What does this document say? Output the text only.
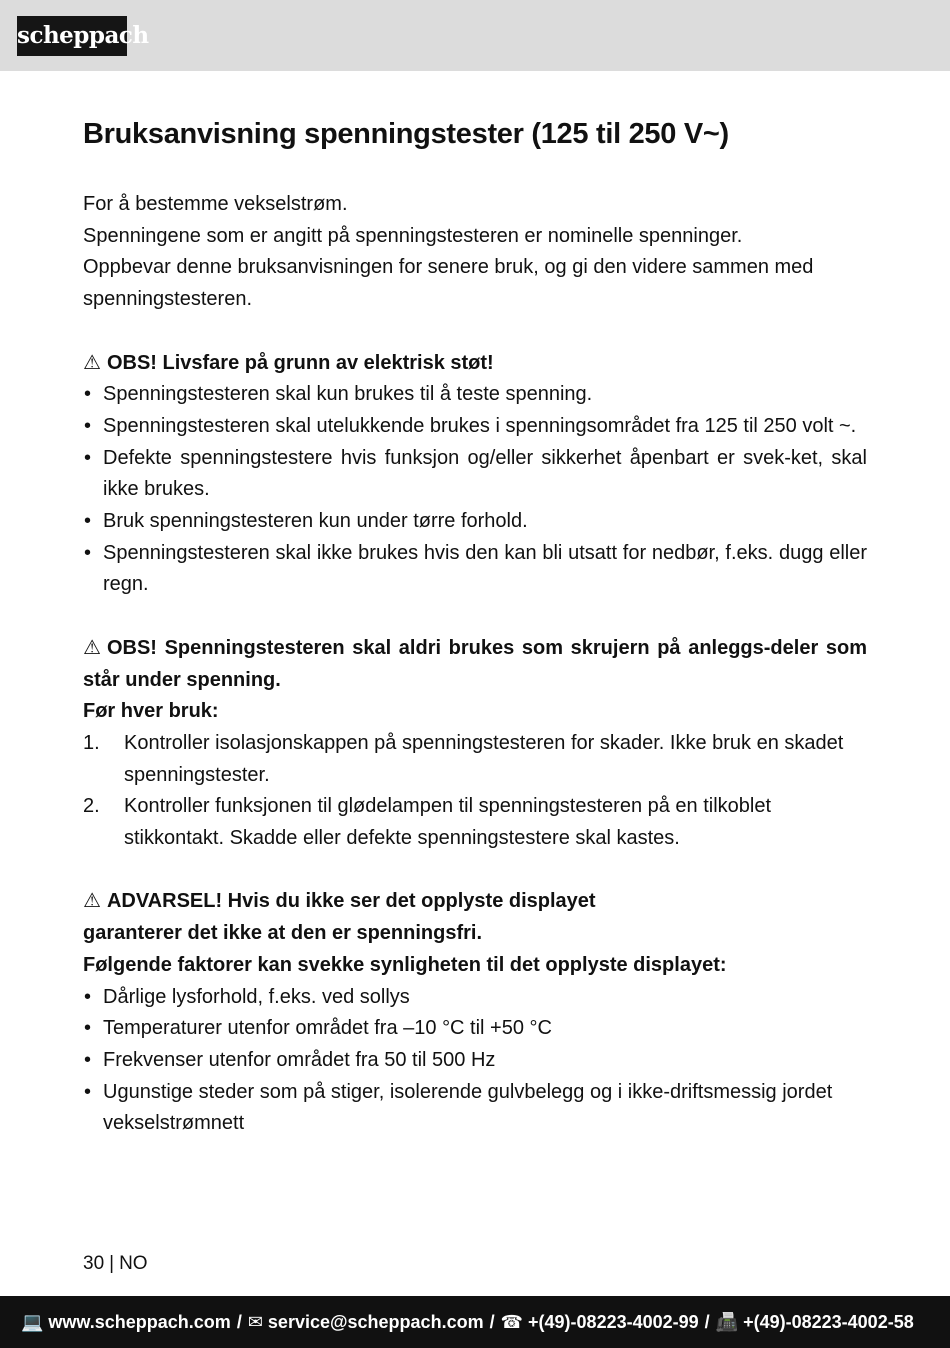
scheppach
Bruksanvisning spenningstester (125 til 250 V~)

For å bestemme vekselstrøm.

Spenningene som er angitt på spenningstesteren er nominelle spenninger.

Oppbevar denne bruksanvisningen for senere bruk, og gi den videre sammen med spenningstesteren.

⚠ OBS! Livsfare på grunn av elektrisk støt!

• Spenningstesteren skal kun brukes til å teste spenning.
• Spenningstesteren skal utelukkende brukes i spenningsområdet fra 125 til 250 volt ~.
• Defekte spenningstestere hvis funksjon og/eller sikkerhet åpenbart er svek-ket, skal ikke brukes.
• Bruk spenningstesteren kun under tørre forhold.
• Spenningstesteren skal ikke brukes hvis den kan bli utsatt for nedbør, f.eks. dugg eller regn.

⚠ OBS! Spenningstesteren skal aldri brukes som skrujern på anleggs-deler som står under spenning.

Før hver bruk:

1. Kontroller isolasjonskappen på spenningstesteren for skader. Ikke bruk en skadet spenningstester.
2. Kontroller funksjonen til glødelampen til spenningstesteren på en tilkoblet stikkontakt. Skadde eller defekte spenningstestere skal kastes.

⚠ ADVARSEL! Hvis du ikke ser det opplyste displayet

garanterer det ikke at den er spenningsfri.

Følgende faktorer kan svekke synligheten til det opplyste displayet:

• Dårlige lysforhold, f.eks. ved sollys
• Temperaturer utenfor området fra –10 °C til +50 °C
• Frekvenser utenfor området fra 50 til 500 Hz
• Ugunstige steder som på stiger, isolerende gulvbelegg og i ikke-driftsmessig jordet vekselstrømnett
30 | NO
💻 www.scheppach.com / ✉ service@scheppach.com / ☎ +(49)-08223-4002-99 / 📠 +(49)-08223-4002-58
